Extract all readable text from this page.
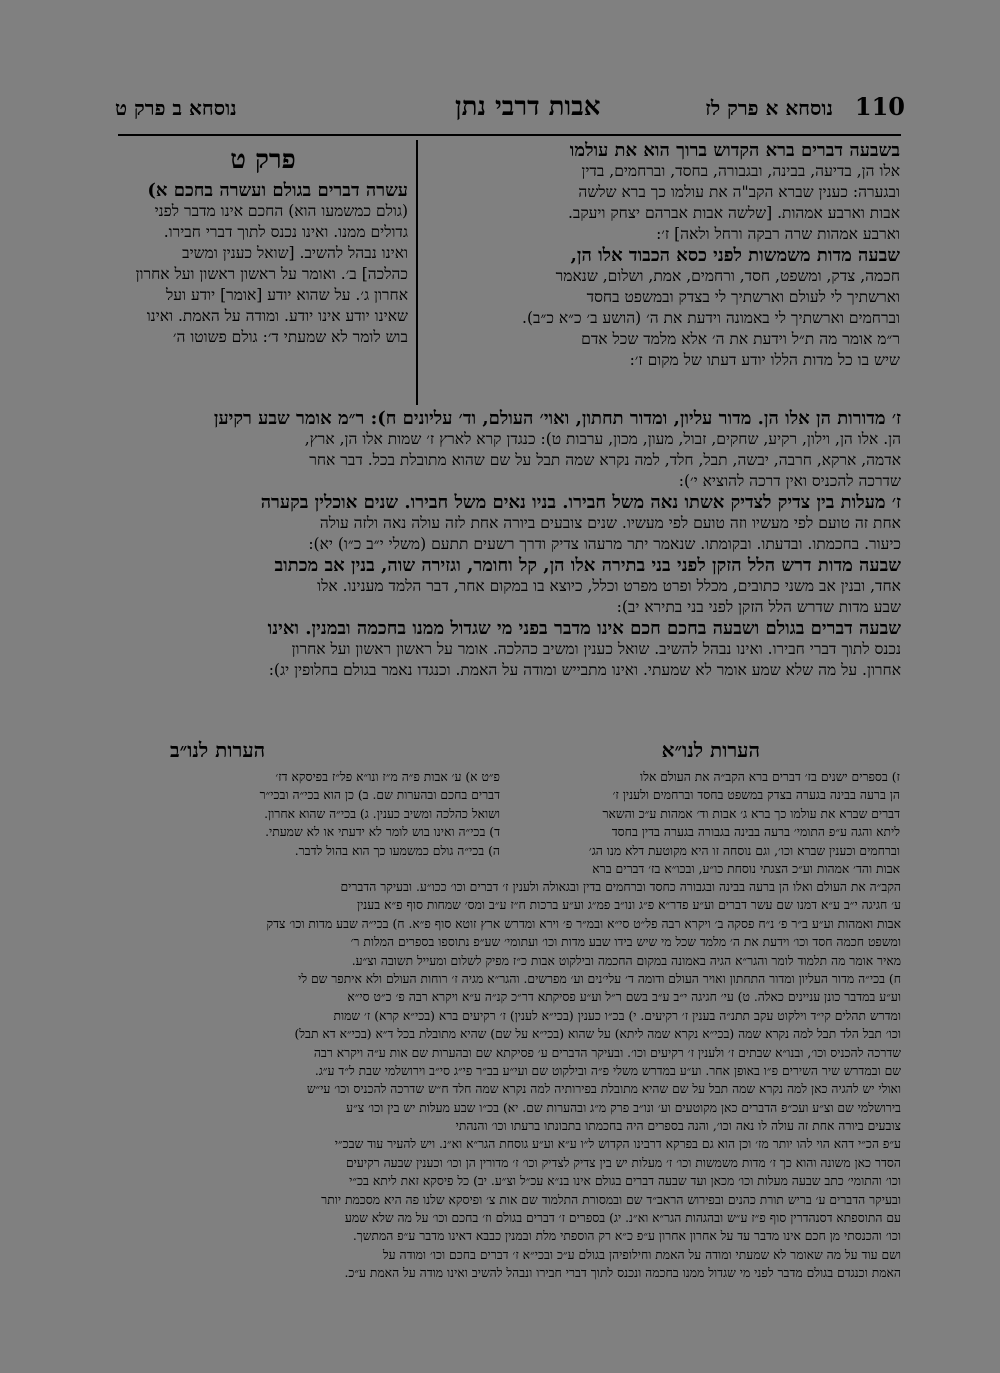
נוסחא ב פרק ט	אבות דרבי נתן	נוסחא א פרק לז 110
בשבעה דברים ברא הקדוש ברוך הוא את עולמו
אלו הן, בדיעה, בבינה, ובגבורה, בחסד, וברחמים, בדין
ובגערה: כענין שברא הקב"ה את עולמו כך ברא שלשה
אבות וארבע אמהות. [שלשה אבות אברהם יצחק ויעקב.
וארבע אמהות שרה רבקה ורחל ולאה] ז׳:
שבעה מדות משמשות לפני כסא הכבוד אלו הן,
חכמה, צדק, ומשפט, חסד, ורחמים, אמת, ושלום, שנאמר
וארשתיך לי לעולם וארשתיך לי בצדק ובמשפט בחסד
וברחמים וארשתיך לי באמונה וידעת את ה׳ (הושע ב׳ כ״א כ״ב).
ר״מ אומר מה ת״ל וידעת את ה׳ אלא מלמד שכל אדם
שיש בו כל מדות הללו יודע דעתו של מקום ז׳:
פרק ט
עשרה דברים בגולם ועשרה בחכם א)
(גולם כמשמעו הוא) החכם אינו מדבר לפני
גדולים ממנו. ואינו נכנס לתוך דברי חבירו.
ואינו נבהל להשיב. [שואל כענין ומשיב
כהלכה] ב׳. ואומר על ראשון ראשון ועל אחרון
אחרון ג׳. על שהוא יודע [אומר] יודע ועל
שאינו יודע אינו יודע. ומודה על האמת. ואינו
בוש לומר לא שמעתי ד׳: גולם פשוטו ה׳
ז׳ מדורות הן אלו הן. מדור עליון, ומדור תחתון, ואוי׳ העולם, וד׳ עליונים ח): ר״מ אומר שבע רקיען
הן. אלו הן, וילון, רקיע, שחקים, זבול, מעון, מכון, ערבות ט): כנגדן קרא לארץ ז׳ שמות אלו הן, ארץ,
אדמה, ארקא, חרבה, יבשה, תבל, חלד, למה נקרא שמה תבל על שם שהוא מתובלת בכל. דבר אחר
שדרכה להכניס ואין דרכה להוציא י׳):
ז׳ מעלות בין צדיק לצדיק אשתו נאה משל חבירו. בניו נאים משל חבירו. שנים אוכלין בקערה
אחת זה טועם לפי מעשיו וזה טועם לפי מעשיו. שנים צובעים ביורה אחת לזה עולה נאה ולזה עולה
כיעור. בחכמתו. ובדעתו. ובקומתו. שנאמר יתר מרעהו צדיק ודרך רשעים תתעם (משלי י״ב כ״ו) יא):
שבעה מדות דרש הלל הזקן לפני בני בתירה אלו הן, קל וחומר, וגזירה שוה, בנין אב מכתוב
אחד, ובנין אב משני כתובים, מכלל ופרט מפרט וכלל, כיוצא בו במקום אחר, דבר הלמד מענינו. אלו
שבע מדות שדרש הלל הזקן לפני בני בתירא יב):
שבעה דברים בגולם ושבעה בחכם חכם אינו מדבר בפני מי שגדול ממנו בחכמה ובמנין. ואינו
נכנס לתוך דברי חבירו. ואינו נבהל להשיב. שואל כענין ומשיב כהלכה. אומר על ראשון ראשון ועל אחרון
אחרון. על מה שלא שמע אומר לא שמעתי. ואינו מתבייש ומודה על האמת. וכנגדו נאמר בגולם בחלופין יג):
הערות לנו״א
הערות לנו״ב
ז) בספרים ישנים בז׳ דברים ברא הקב״ה את העולם אלו
הן ברעה בבינה בגערה בצדק במשפט בחסד וברחמים ולענין ז׳
דברים שברא את עולמו כך ברא ג׳ אבות וד׳ אמהות ע״כ והשאר
ליתא והגה ע״פ התומי׳ ברעה בבינה בגבורה בגערה בדין בחסד
וברחמים וכענין שברא וכו׳, וגם נוסחה זו היא מקוטעת דלא מנו הג׳
אבות והד׳ אמהות וע״כ הצגתי נוסחת כו״ע, ובכו״א בז׳ דברים ברא
פ״ט א) ע׳ אבות פ״ה מ״ז ונו״א פל״ז בפיסקא דז׳
דברים בחכם ובהערות שם. ב) כן הוא בכי״ה ובכי״ר
ושואל כהלכה ומשיב כענין. ג) בכי״ה שהוא אחרון.
ד) בכי״ה ואינו בוש לומר לא ידעתי או לא שמעתי.
ה) בכי״ה גולם כמשמעו כך הוא בהול לדבר.
הקב״ה את העולם ואלו הן ברעה בבינה ובגבורה כחסד וברחמים בדין ובגאולה ולענין ז׳ דברים וכו׳ ככו״ע. ובעיקר הדברים
ע׳ חגיגה י״ב ע״א דמנו שם עשר דברים וע״ע פדר״א פ״ג ונו״ב פמ״ג וע״ע ברכות ח״ז ע״ב ומס׳ שמחות סוף פ״א בענין
אבות ואמהות וע״ע ב״ר פ׳ נ״ח פסקה ב׳ ויקרא רבה פל״ט סי״א ובמ״ר פ׳ וירא ומדרש ארץ זוטא סוף פ״א. ח) בכי״ה שבע מדות וכו׳ צדק
ומשפט חכמה חסד וכו׳ וידעת את ה׳ מלמד שכל מי שיש בידו שבע מדות וכו׳ ועתומי׳ שע״פ נתוספו בספרים המלות ר׳
מאיר אומר מה תלמוד לומר והגר״א הגיה באמונה במקום החכמה ובילקוט אבות כ״ז מפיק לשלום ומעייל תשובה וצ״ע.
ח) בכי״ה מדור העליון ומדור התחתון ואויר העולם ודומה ד׳ עלי׳נים וע׳ מפרשים. והגר״א מגיה ז׳ רוחות העולם ולא איתפר שם לי
וע״ע במדבר כונן עניינים כאלה. ט) עי׳ חגיגה י״ב ע״ב בשם ר״ל וע״ע פסיקתא דר״כ קנ״ה ע״א ויקרא רבה פ׳ כ״ט סי״א
ומדרש תהלים קי״ד וילקוט עקב תתנ״ה בענין ז׳ רקיעים. י) בכ״ו כענין (בכי״א לענין) ז׳ רקיעים ברא (בכי״א קרא) ז׳ שמות
וכו׳ תבל הלד תבל למה נקרא שמה (בכי״א נקרא שמה ליתא) על שהוא (בכי״א על שם) שהיא מתובלת בכל ד״א (בכי״א דא תבל)
שדרכה להכניס וכו׳, ובנו״א שבתים ז׳ ולענין ז׳ רקיעים וכו׳. ובעיקר הדברים ע׳ פסיקתא שם ובהערות שם אות ע״ה ויקרא רבה
שם ובמדרש שיר השירים פ״ו באופן אחר. וע״ע במדרש משלי פ״ה ובילקוט שם ועי״ע בב״ר פי״ג סי״ב וירושלמי שבת ל״ד ע״ג.
ואולי יש להגיה כאן למה נקרא שמה תבל על שם שהיא מתובלת בפירותיה למה נקרא שמה חלד ח״ש שדרכה להכניס וכו׳ עי״ש
בירושלמי שם וצ״ע ועכ״פ הדברים כאן מקוטעים וע׳ ונו״ב פרק מ״ג ובהערות שם. יא) בכ״ו שבע מעלות יש בין וכו׳ צ״ע
צובעים ביורה אחת זה עולה לו נאה וכו׳, והנה בספרים היה בחכמתו בתבונתו ברעתו וכו׳ והנהתי
ע״פ הכ״י דהא הוי להו יותר מז׳ וכן הוא גם בפרקא דרבינו הקדוש ל״ו ע״א וע״ע גוסחת הגר״א וא״נ. ויש להעיר עוד שבכ״י
הסדר כאן משונה והוא כך ז׳ מדות משמשות וכו׳ ז׳ מעלות יש בין צדיק לצדיק וכו׳ ז׳ מדורין הן וכו׳ וכענין שבעה רקיעים
וכו׳ והתומי׳ כתב שבעה מעלות וכו׳ מכאן ועד שבעה דברים בגולם אינו בנ״א עכ״ל וצ״ע. יב) כל פיסקא זאת ליתא בכ״י
ובעיקר הדברים ע׳ בריש תורת כהנים ובפירוש הראב״ד שם ובמסורת התלמוד שם אות צ׳ ופיסקא שלנו פה היא מסכמת יותר
עם התוספתא דסנהדרין סוף פ״ז ע״ש ובהגהות הגר״א וא״נ. יג) בספרים ז׳ דברים בגולם וז׳ בחכם וכו׳ על מה שלא שמע
וכו׳ והכנסתי מן חכם אינו מדבר עד על אחרון אחרון ע״פ כ״א רק הוספתי מלת ובמנין כבבא דאינו מדבר ע״פ המתשך.
ושם עוד על מה שאומר לא שמעתי ומודה על האמת וחילופיהן בגולם ע״כ ובכי״א ז׳ דברים בחכם וכו׳ ומודה על
האמת וכנגדם בגולם מדבר לפני מי שגדול ממנו בחכמה ונכנס לתוך דברי חבירו ונבהל להשיב ואינו מודה על האמת ע״כ.
